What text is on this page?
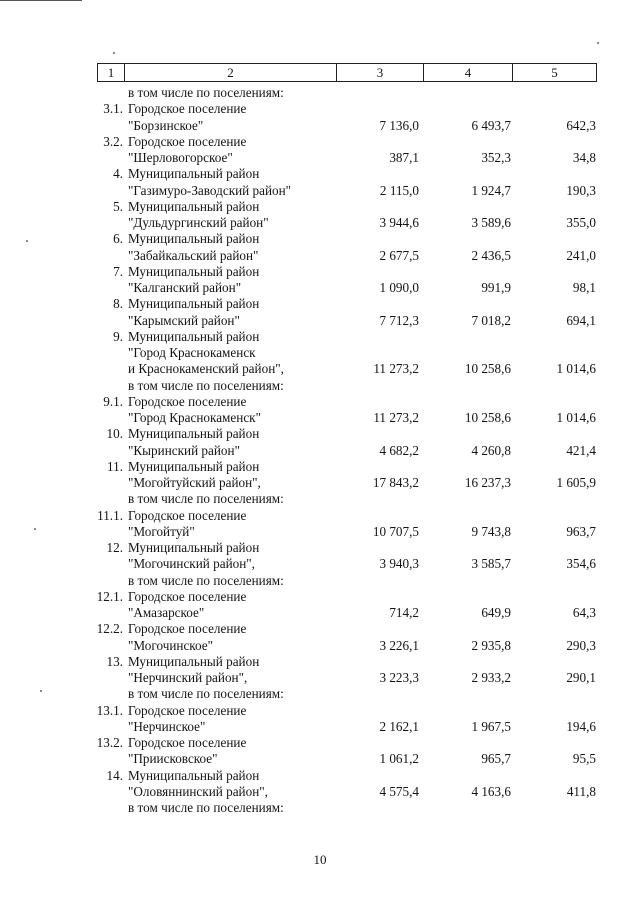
1	2	3	4	5
в том числе по поселениям:
3.1. Городское поселение
"Борзинское"	7 136,0	6 493,7	642,3
3.2. Городское поселение
"Шерловогорское"	387,1	352,3	34,8
4. Муниципальный район
"Газимуро-Заводский район"	2 115,0	1 924,7	190,3
5. Муниципальный район
"Дульдургинский район"	3 944,6	3 589,6	355,0
6. Муниципальный район
"Забайкальский район"	2 677,5	2 436,5	241,0
7. Муниципальный район
"Калганский район"	1 090,0	991,9	98,1
8. Муниципальный район
"Карымский район"	7 712,3	7 018,2	694,1
9. Муниципальный район
"Город Краснокаменск
и Краснокаменский район",	11 273,2	10 258,6	1 014,6
в том числе по поселениям:
9.1. Городское поселение
"Город Краснокаменск"	11 273,2	10 258,6	1 014,6
10. Муниципальный район
"Кыринский район"	4 682,2	4 260,8	421,4
11. Муниципальный район
"Могойтуйский район",	17 843,2	16 237,3	1 605,9
в том числе по поселениям:
11.1. Городское поселение
"Могойтуй"	10 707,5	9 743,8	963,7
12. Муниципальный район
"Могочинский район",	3 940,3	3 585,7	354,6
в том числе по поселениям:
12.1. Городское поселение
"Амазарское"	714,2	649,9	64,3
12.2. Городское поселение
"Могочинское"	3 226,1	2 935,8	290,3
13. Муниципальный район
"Нерчинский район",	3 223,3	2 933,2	290,1
в том числе по поселениям:
13.1. Городское поселение
"Нерчинское"	2 162,1	1 967,5	194,6
13.2. Городское поселение
"Приисковское"	1 061,2	965,7	95,5
14. Муниципальный район
"Оловяннинский район",	4 575,4	4 163,6	411,8
в том числе по поселениям:
10
